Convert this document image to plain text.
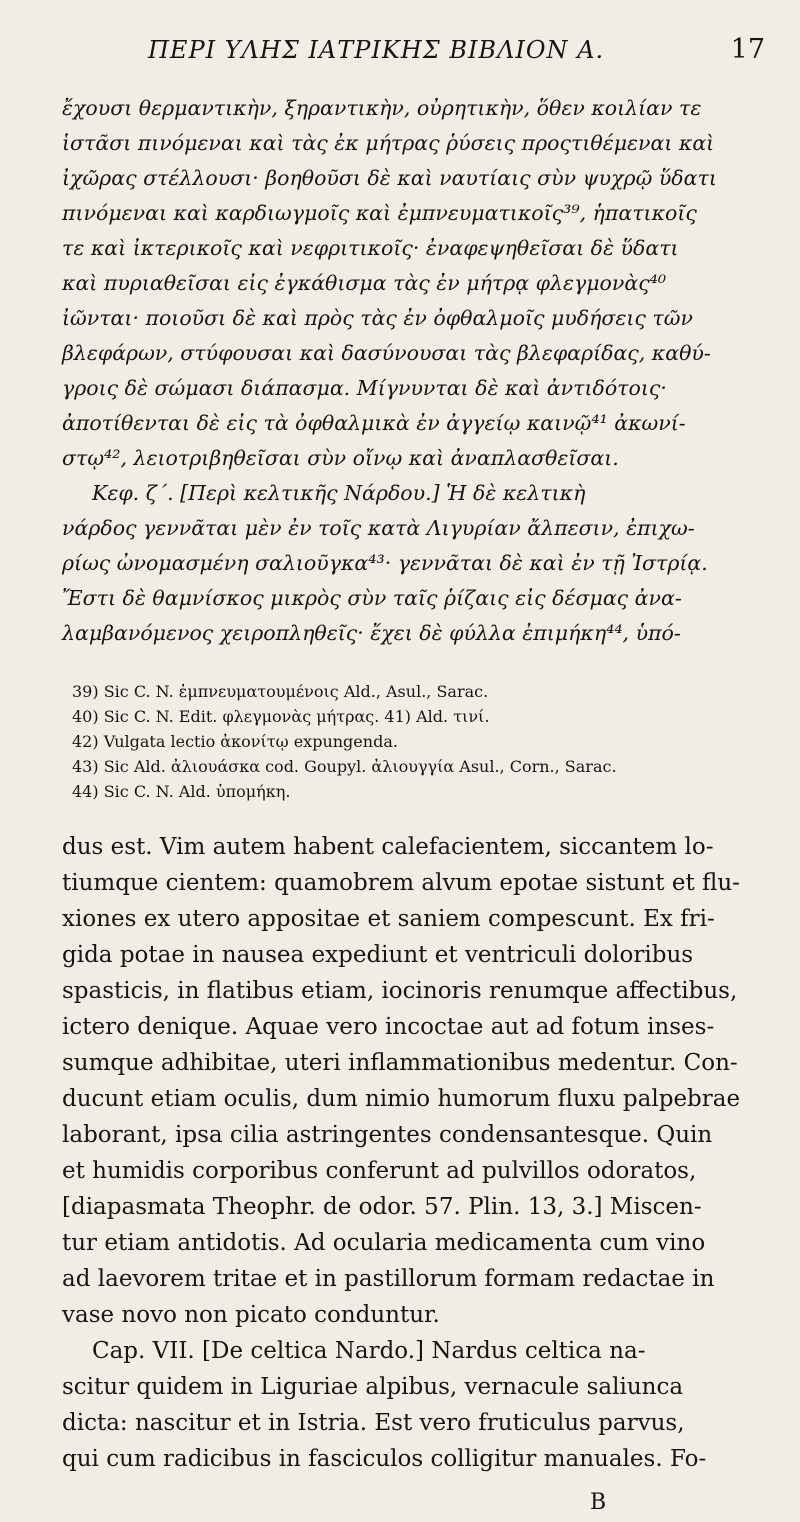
ΠΕΡΙ ΥΛΗΣ ΙΑΤΡΙΚΗΣ ΒΙΒΛΙΟΝ Α.	17
ἔχουσι θερμαντικὴν, ξηραντικὴν, οὐρητικὴν, ὅθεν κοιλίαν τε
ἱστᾶσι πινόμεναι καὶ τὰς ἐκ μήτρας ῥύσεις προςτιθέμεναι καὶ
ἰχῶρας στέλλουσι· βοηθοῦσι δὲ καὶ ναυτίαις σὺν ψυχρῷ ὕδατι
πινόμεναι καὶ καρδιωγμοῖς καὶ ἐμπνευματικοῖς³⁹, ἡπατικοῖς
τε καὶ ἰκτερικοῖς καὶ νεφριτικοῖς· ἐναφεψηθεῖσαι δὲ ὕδατι
καὶ πυριαθεῖσαι εἰς ἐγκάθισμα τὰς ἐν μήτρᾳ φλεγμονὰς⁴⁰
ἰῶνται· ποιοῦσι δὲ καὶ πρὸς τὰς ἐν ὀφθαλμοῖς μυδήσεις τῶν
βλεφάρων, στύφουσαι καὶ δασύνουσαι τὰς βλεφαρίδας, καθύ-
γροις δὲ σώμασι διάπασμα. Μίγνυνται δὲ καὶ ἀντιδότοις·
ἀποτίθενται δὲ εἰς τὰ ὀφθαλμικὰ ἐν ἀγγείῳ καινῷ⁴¹ ἀκωνί-
στῳ⁴², λειοτριβηθεῖσαι σὺν οἴνῳ καὶ ἀναπλασθεῖσαι.
Κεφ. ζ΄. [Περὶ κελτικῆς Νάρδου.] Ἡ δὲ κελτικὴ
νάρδος γεννᾶται μὲν ἐν τοῖς κατὰ Λιγυρίαν ἄλπεσιν, ἐπιχω-
ρίως ὠνομασμένη σαλιοῦγκα⁴³· γεννᾶται δὲ καὶ ἐν τῇ Ἰστρίᾳ.
Ἔστι δὲ θαμνίσκος μικρὸς σὺν ταῖς ῥίζαις εἰς δέσμας ἀνα-
λαμβανόμενος χειροπληθεῖς· ἔχει δὲ φύλλα ἐπιμήκη⁴⁴, ὑπό-
39) Sic C. N. ἐμπνευματουμένοις Ald., Asul., Sarac.
40) Sic C. N. Edit. φλεγμονὰς μήτρας. 41) Ald. τινί.
42) Vulgata lectio ἀκονίτῳ expungenda.
43) Sic Ald. ἀλιουάσκα cod. Goupyl. ἀλιουγγία Asul., Corn., Sarac.
44) Sic C. N. Ald. ὑπομήκη.
dus est. Vim autem habent calefacientem, siccantem lo-
tiumque cientem: quamobrem alvum epotae sistunt et flu-
xiones ex utero appositae et saniem compescunt. Ex fri-
gida potae in nausea expediunt et ventriculi doloribus
spasticis, in flatibus etiam, iocinoris renumque affectibus,
ictero denique. Aquae vero incoctae aut ad fotum inses-
sumque adhibitae, uteri inflammationibus medentur. Con-
ducunt etiam oculis, dum nimio humorum fluxu palpebrae
laborant, ipsa cilia astringentes condensantesque. Quin
et humidis corporibus conferunt ad pulvillos odoratos,
[diapasmata Theophr. de odor. 57. Plin. 13, 3.] Miscen-
tur etiam antidotis. Ad ocularia medicamenta cum vino
ad laevorem tritae et in pastillorum formam redactae in
vase novo non picato conduntur.
Cap. VII. [De celtica Nardo.] Nardus celtica na-
scitur quidem in Liguriae alpibus, vernacule saliunca
dicta: nascitur et in Istria. Est vero fruticulus parvus,
qui cum radicibus in fasciculos colligitur manuales. Fo-
B
